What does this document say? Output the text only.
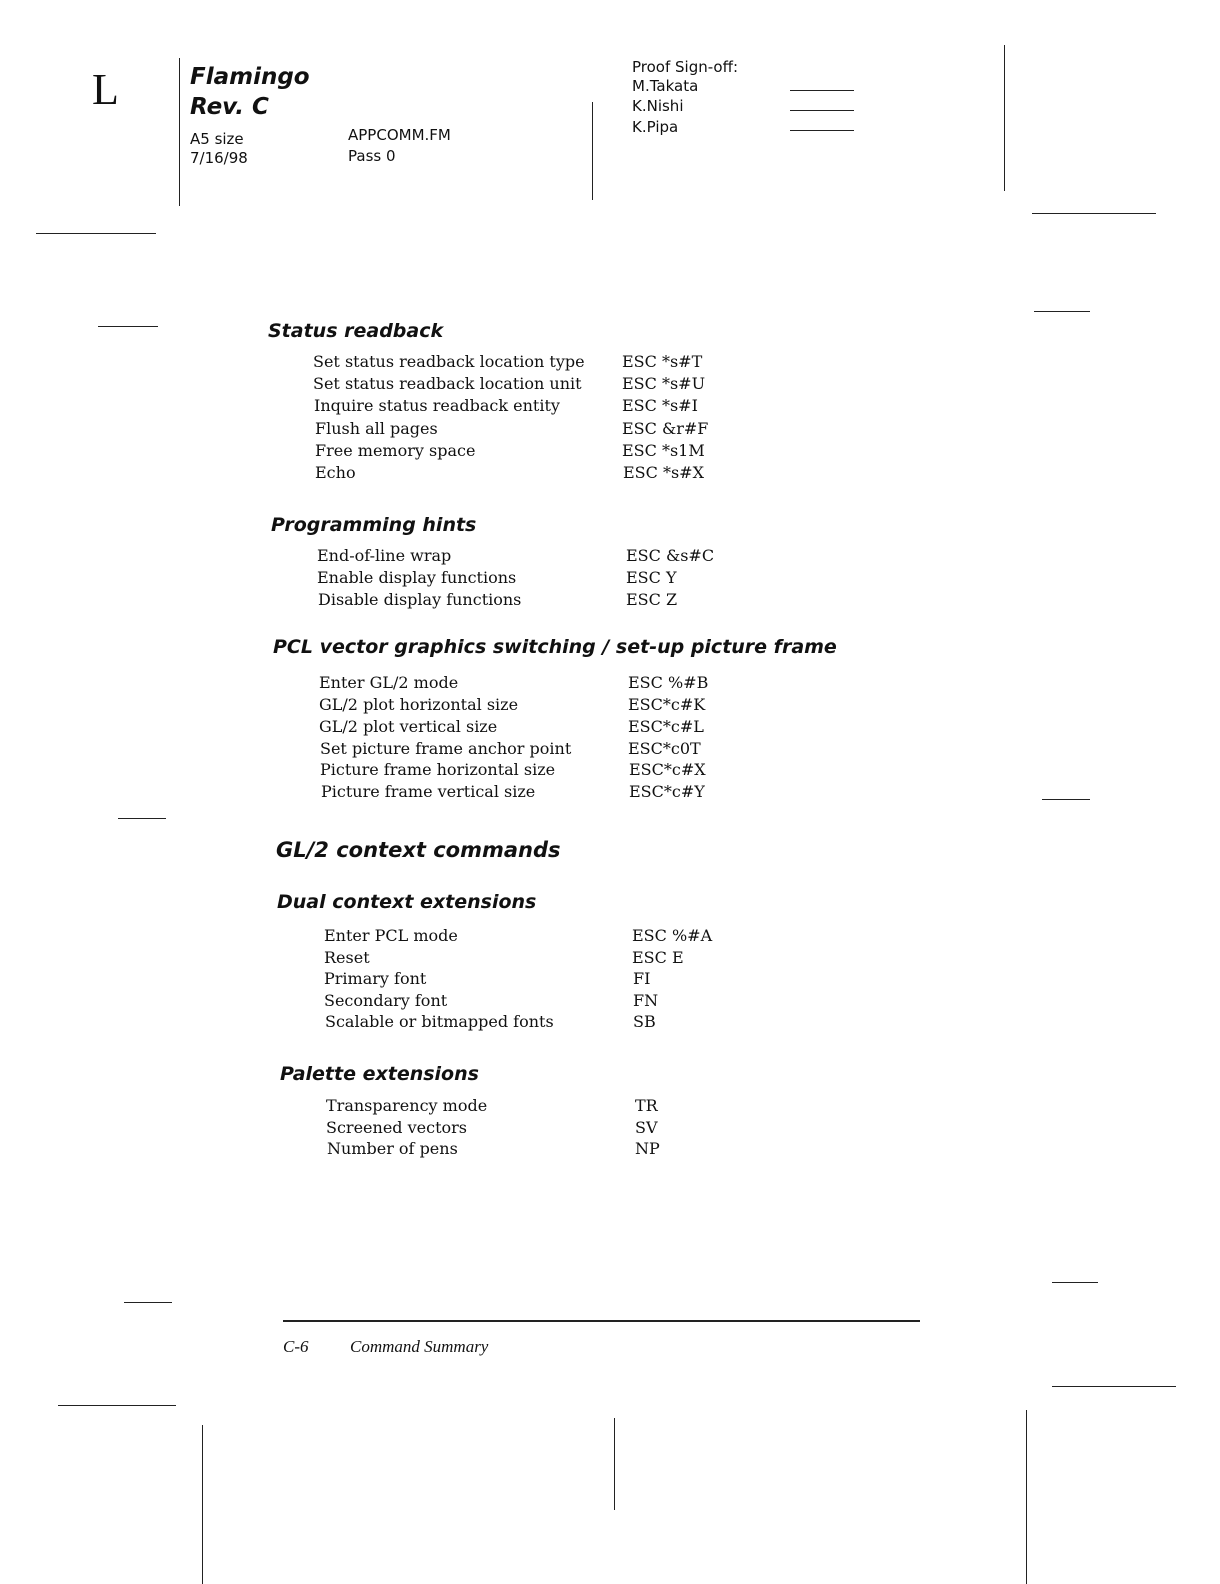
L	Flamingo
Rev. C
A5 size
7/16/98
APPCOMM.FM
Pass 0
Proof Sign-off:
M.Takata
K.Nishi
K.Pipa
Status readback
Set status readback location type ESC *s#T
Set status readback location unit	ESC *s#U
Inquire status readback entity	ESC *s#I
Flush all pages	ESC &r#F
Free memory space	ESC *s1M
Echo	ESC *s#X
Programming hints
End-of-line wrap	ESC &s#C
Enable display functions	ESC Y
Disable display functions	ESC Z
PCL vector graphics switching / set-up picture frame
Enter GL/2 mode	ESC %#B
GL/2 plot horizontal size	ESC*c#K
GL/2 plot vertical size	ESC*c#L
Set picture frame anchor point	ESC*c0T
Picture frame horizontal size	ESC*c#X
Picture frame vertical size	ESC*c#Y
GL/2 context commands
Dual context extensions
Enter PCL mode	ESC %#A
Reset	ESC E
Primary font	FI
Secondary font	FN
Scalable or bitmapped fonts	SB
Palette extensions
Transparency mode	TR
Screened vectors	SV
Number of pens	NP
C-6 Command Summary
